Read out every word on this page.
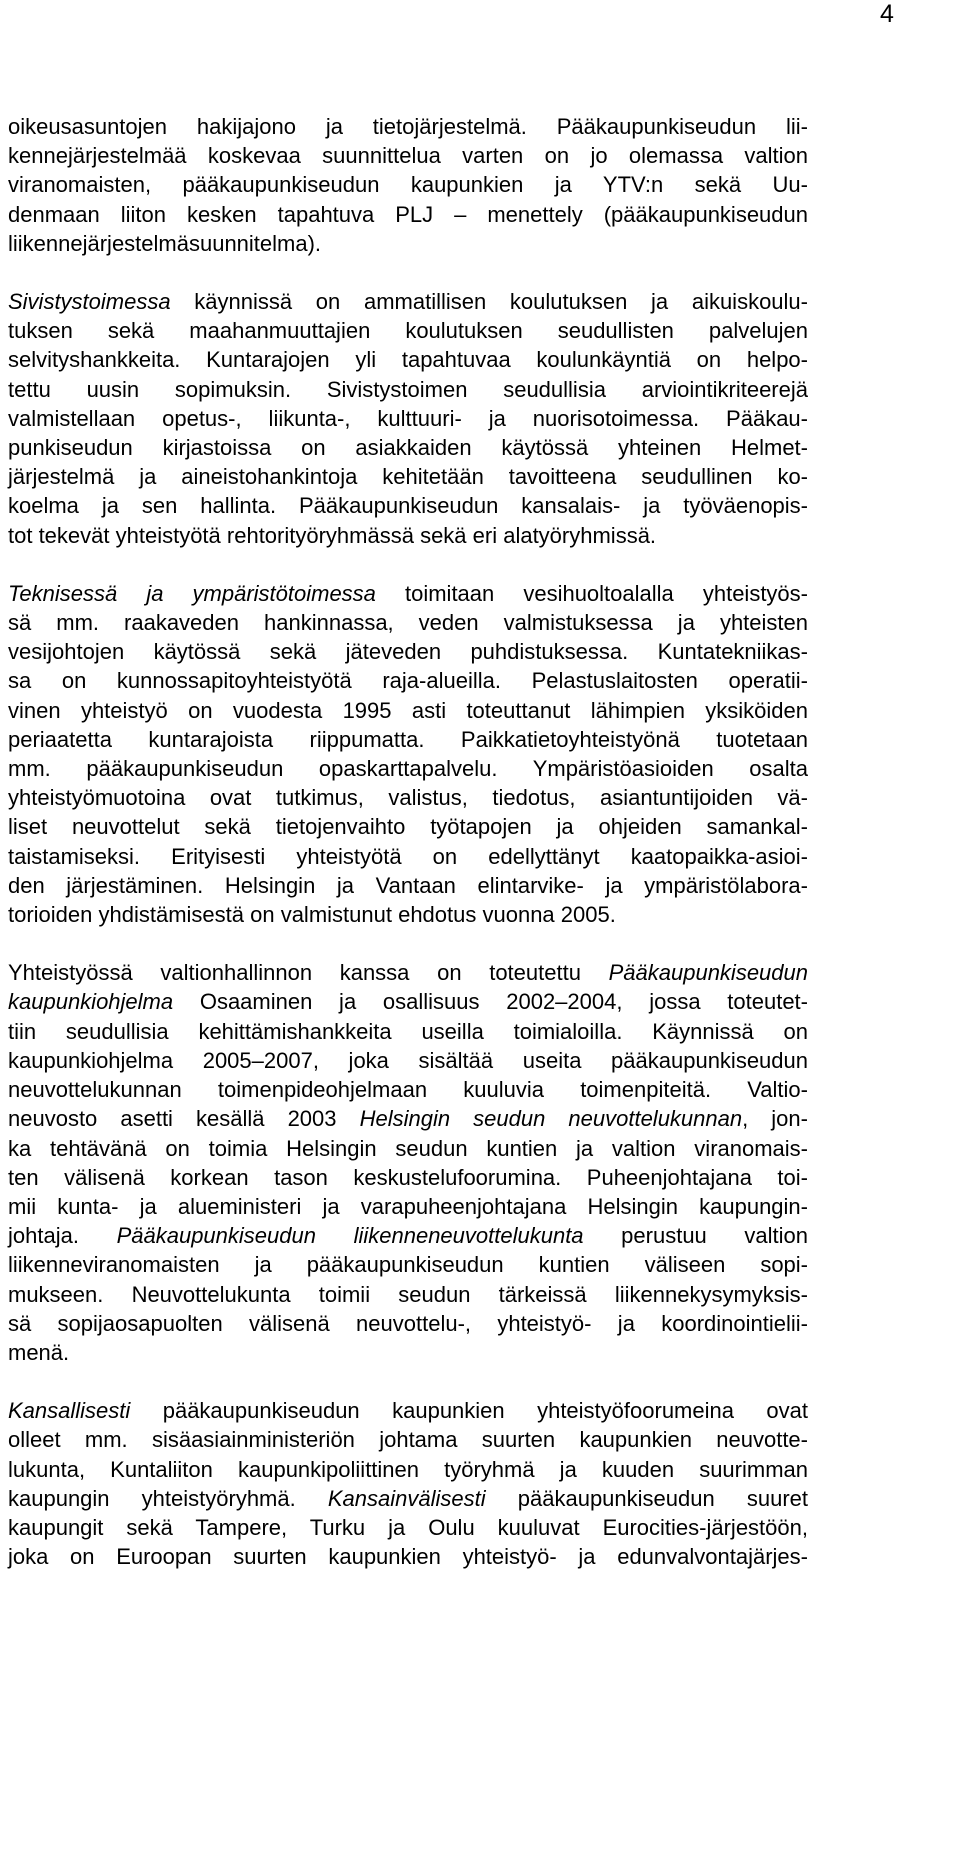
4
oikeusasuntojen hakijajono ja tietojärjestelmä. Pääkaupunkiseudun lii-
kennejärjestelmää koskevaa suunnittelua varten on jo olemassa valtion
viranomaisten, pääkaupunkiseudun kaupunkien ja YTV:n sekä Uu-
denmaan liiton kesken tapahtuva PLJ – menettely (pääkaupunkiseudun
liikennejärjestelmäsuunnitelma).
Sivistystoimessa käynnissä on ammatillisen koulutuksen ja aikuiskoulu-
tuksen sekä maahanmuuttajien koulutuksen seudullisten palvelujen
selvityshankkeita. Kuntarajojen yli tapahtuvaa koulunkäyntiä on helpo-
tettu uusin sopimuksin. Sivistystoimen seudullisia arviointikriteerejä
valmistellaan opetus-, liikunta-, kulttuuri- ja nuorisotoimessa. Pääkau-
punkiseudun kirjastoissa on asiakkaiden käytössä yhteinen Helmet-
järjestelmä ja aineistohankintoja kehitetään tavoitteena seudullinen ko-
koelma ja sen hallinta. Pääkaupunkiseudun kansalais- ja työväenopis-
tot tekevät yhteistyötä rehtorityöryhmässä sekä eri alatyöryhmissä.
Teknisessä ja ympäristötoimessa toimitaan vesihuoltoalalla yhteistyös-
sä mm. raakaveden hankinnassa, veden valmistuksessa ja yhteisten
vesijohtojen käytössä sekä jäteveden puhdistuksessa. Kuntatekniikas-
sa on kunnossapitoyhteistyötä raja-alueilla. Pelastuslaitosten operatii-
vinen yhteistyö on vuodesta 1995 asti toteuttanut lähimpien yksiköiden
periaatetta kuntarajoista riippumatta. Paikkatietoyhteistyönä tuotetaan
mm. pääkaupunkiseudun opaskarttapalvelu. Ympäristöasioiden osalta
yhteistyömuotoina ovat tutkimus, valistus, tiedotus, asiantuntijoiden vä-
liset neuvottelut sekä tietojenvaihto työtapojen ja ohjeiden samankal-
taistamiseksi. Erityisesti yhteistyötä on edellyttänyt kaatopaikka-asioi-
den järjestäminen. Helsingin ja Vantaan elintarvike- ja ympäristölabora-
torioiden yhdistämisestä on valmistunut ehdotus vuonna 2005.
Yhteistyössä valtionhallinnon kanssa on toteutettu Pääkaupunkiseudun
kaupunkiohjelma Osaaminen ja osallisuus 2002–2004, jossa toteutet-
tiin seudullisia kehittämishankkeita useilla toimialoilla. Käynnissä on
kaupunkiohjelma 2005–2007, joka sisältää useita pääkaupunkiseudun
neuvottelukunnan toimenpideohjelmaan kuuluvia toimenpiteitä. Valtio-
neuvosto asetti kesällä 2003 Helsingin seudun neuvottelukunnan, jon-
ka tehtävänä on toimia Helsingin seudun kuntien ja valtion viranomais-
ten välisenä korkean tason keskustelufoorumina. Puheenjohtajana toi-
mii kunta- ja alueministeri ja varapuheenjohtajana Helsingin kaupungin-
johtaja. Pääkaupunkiseudun liikenneneuvottelukunta perustuu valtion
liikenneviranomaisten ja pääkaupunkiseudun kuntien väliseen sopi-
mukseen. Neuvottelukunta toimii seudun tärkeissä liikennekysymyksis-
sä sopijaosapuolten välisenä neuvottelu-, yhteistyö- ja koordinointielii-
menä.
Kansallisesti pääkaupunkiseudun kaupunkien yhteistyöfoorumeina ovat
olleet mm. sisäasiainministeriön johtama suurten kaupunkien neuvotte-
lukunta, Kuntaliiton kaupunkipoliittinen työryhmä ja kuuden suurimman
kaupungin yhteistyöryhmä. Kansainvälisesti pääkaupunkiseudun suuret
kaupungit sekä Tampere, Turku ja Oulu kuuluvat Eurocities-järjestöön,
joka on Euroopan suurten kaupunkien yhteistyö- ja edunvalvontajärjes-
